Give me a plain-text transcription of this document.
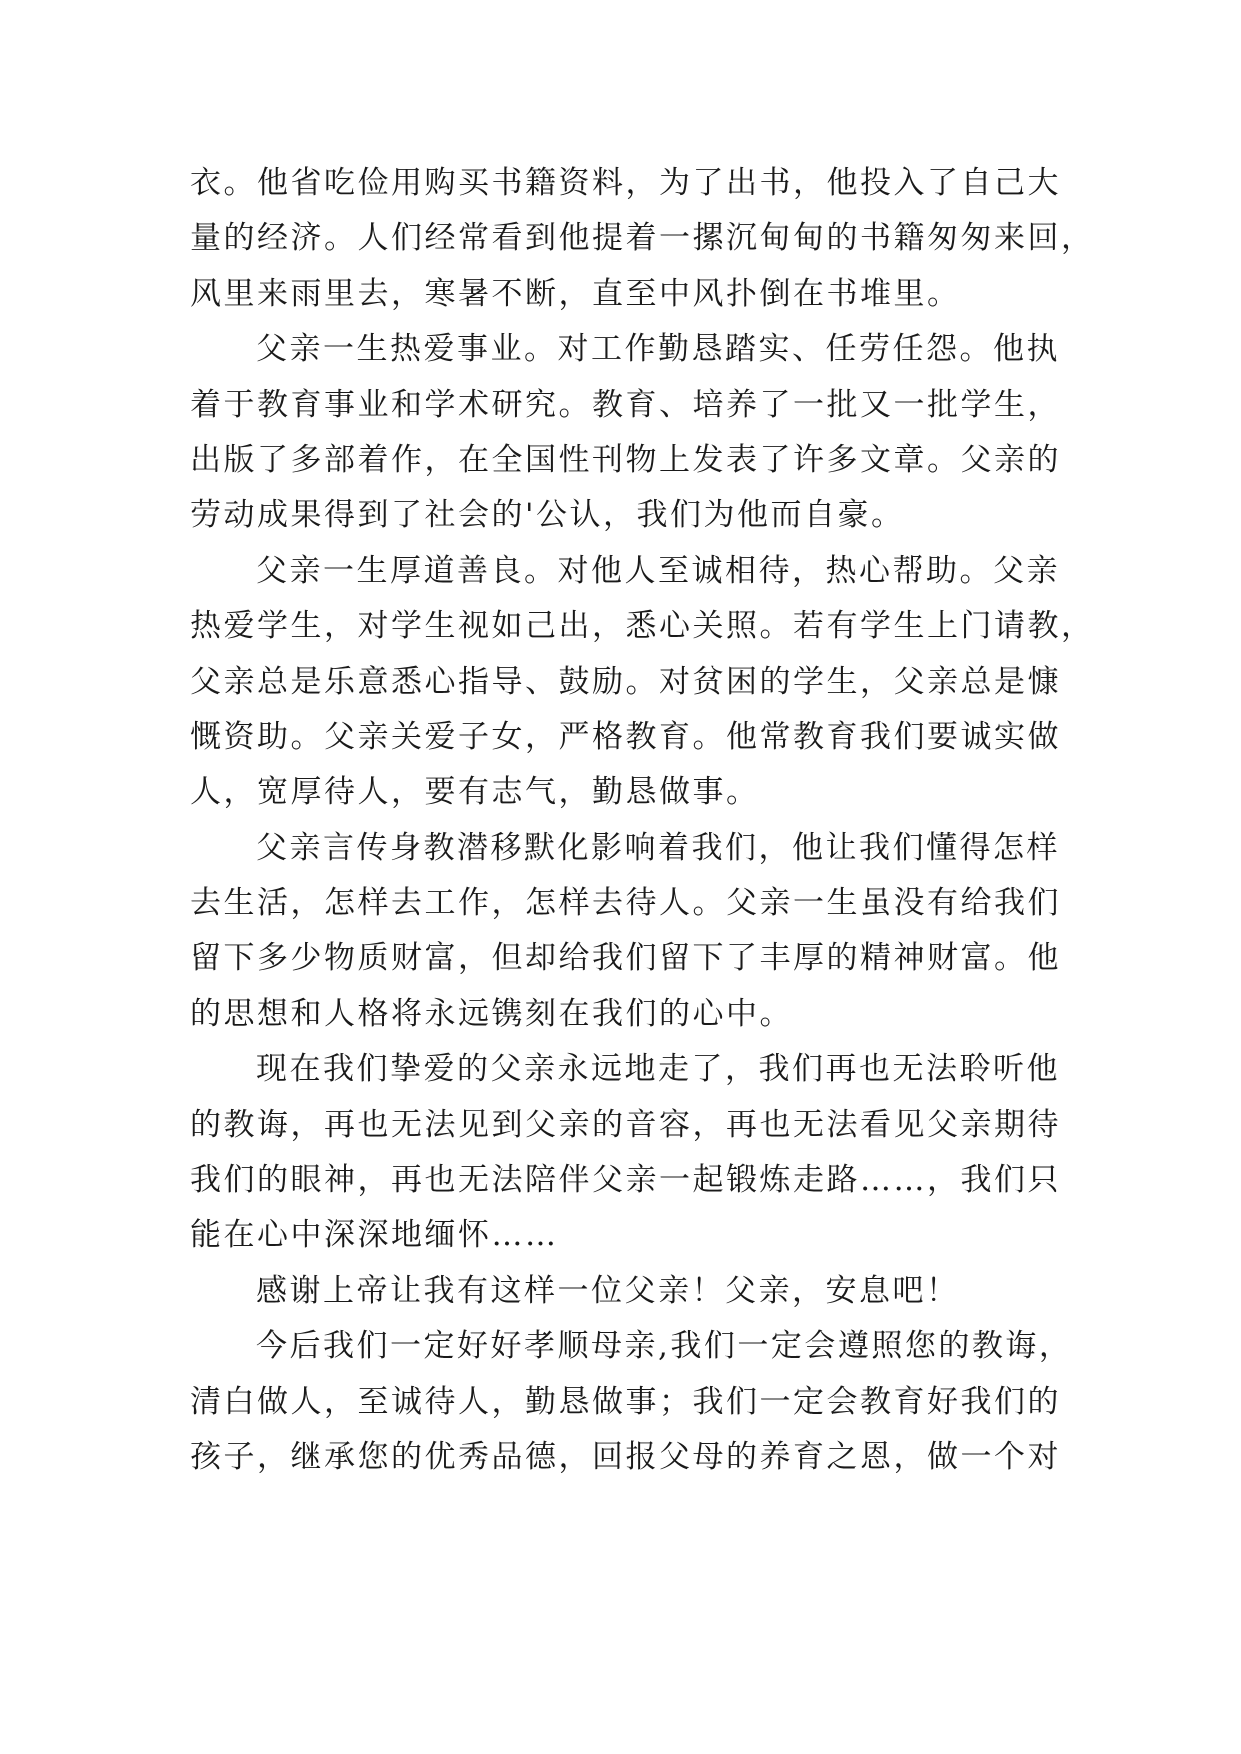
衣。他省吃俭用购买书籍资料，为了出书，他投入了自己大
量的经济。人们经常看到他提着一摞沉甸甸的书籍匆匆来回，
风里来雨里去，寒暑不断，直至中风扑倒在书堆里。
父亲一生热爱事业。对工作勤恳踏实、任劳任怨。他执
着于教育事业和学术研究。教育、培养了一批又一批学生，
出版了多部着作，在全国性刊物上发表了许多文章。父亲的
劳动成果得到了社会的'公认，我们为他而自豪。
父亲一生厚道善良。对他人至诚相待，热心帮助。父亲
热爱学生，对学生视如己出，悉心关照。若有学生上门请教，
父亲总是乐意悉心指导、鼓励。对贫困的学生，父亲总是慷
慨资助。父亲关爱子女，严格教育。他常教育我们要诚实做
人，宽厚待人，要有志气，勤恳做事。
父亲言传身教潜移默化影响着我们，他让我们懂得怎样
去生活，怎样去工作，怎样去待人。父亲一生虽没有给我们
留下多少物质财富，但却给我们留下了丰厚的精神财富。他
的思想和人格将永远镌刻在我们的心中。
现在我们挚爱的父亲永远地走了，我们再也无法聆听他
的教诲，再也无法见到父亲的音容，再也无法看见父亲期待
我们的眼神，再也无法陪伴父亲一起锻炼走路……，我们只
能在心中深深地缅怀……
感谢上帝让我有这样一位父亲！父亲，安息吧！
今后我们一定好好孝顺母亲,我们一定会遵照您的教诲，
清白做人，至诚待人，勤恳做事；我们一定会教育好我们的
孩子，继承您的优秀品德，回报父母的养育之恩，做一个对
